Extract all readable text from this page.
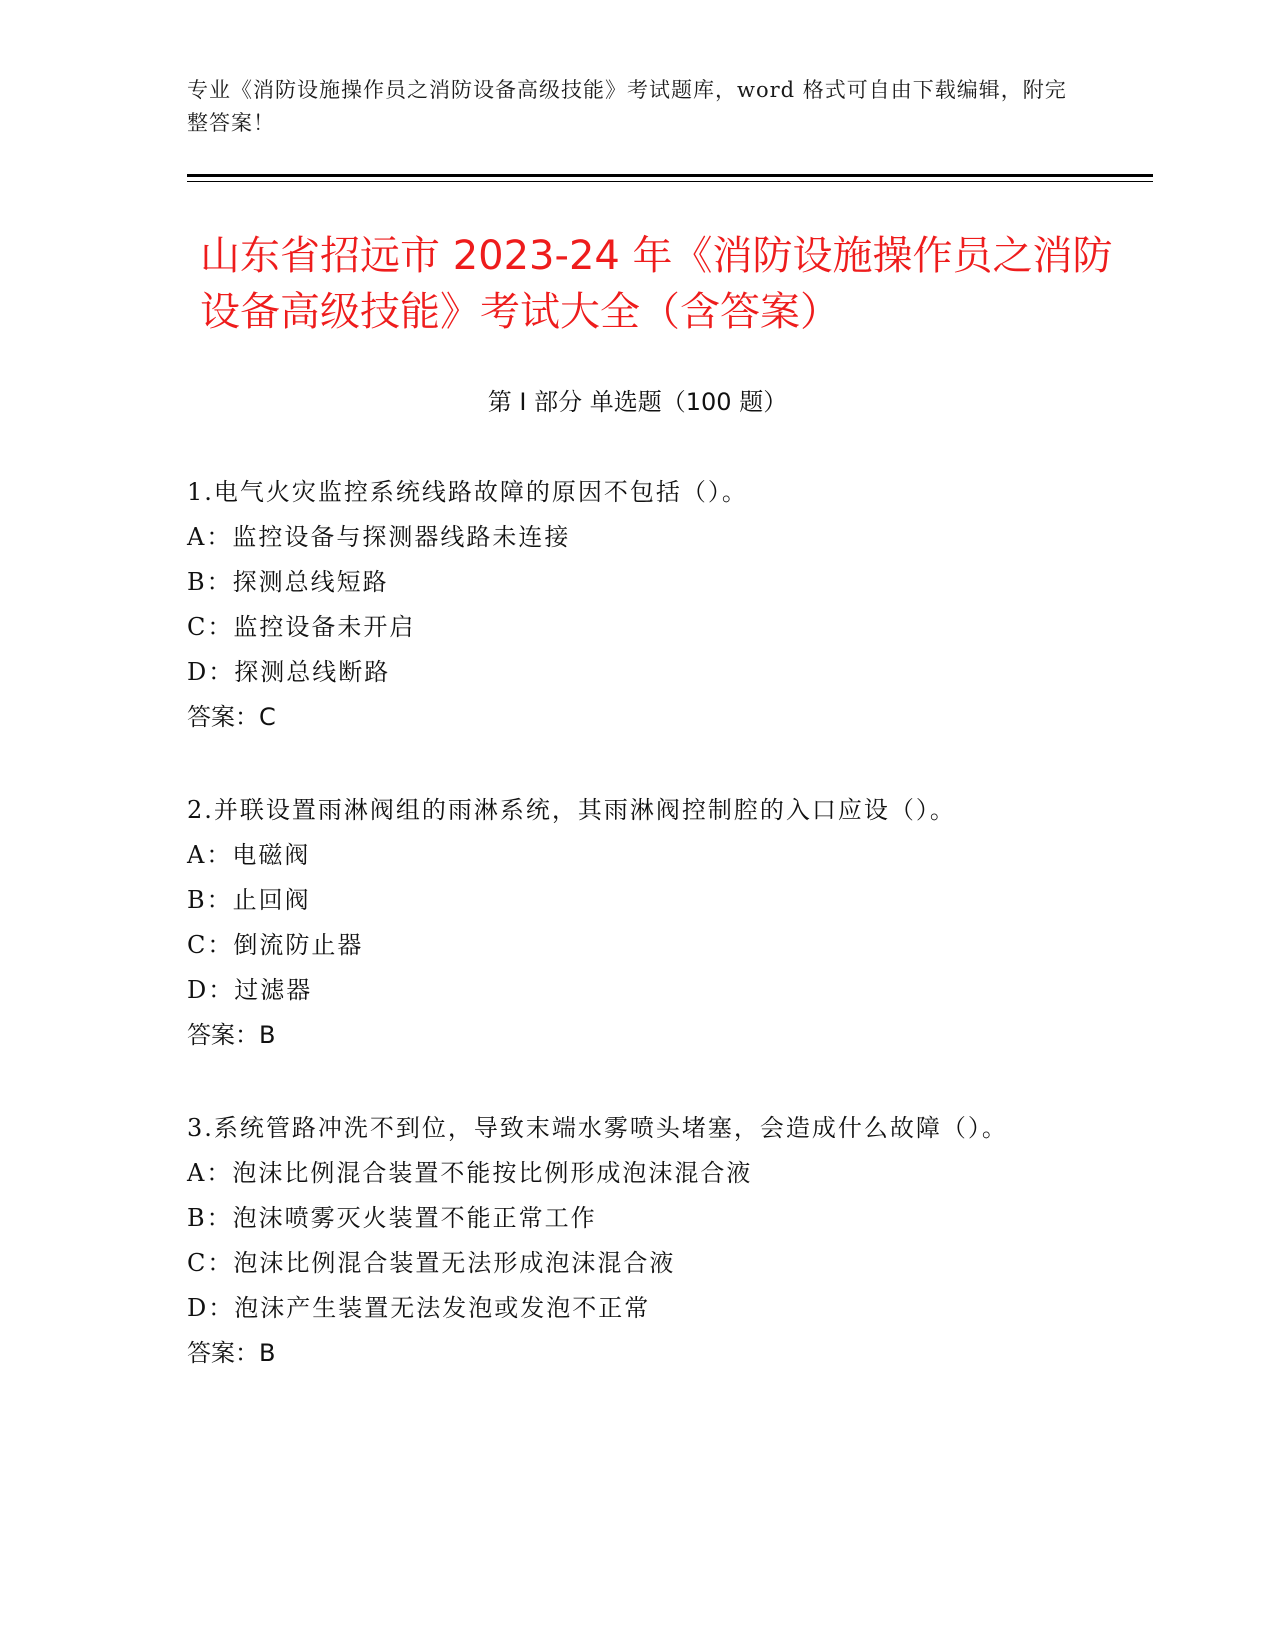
专业《消防设施操作员之消防设备高级技能》考试题库，word 格式可自由下载编辑，附完整答案！
山东省招远市 2023-24 年《消防设施操作员之消防设备高级技能》考试大全（含答案）
第 I 部分 单选题（100 题）
1.电气火灾监控系统线路故障的原因不包括（）。
A：监控设备与探测器线路未连接
B：探测总线短路
C：监控设备未开启
D：探测总线断路
答案：C
2.并联设置雨淋阀组的雨淋系统，其雨淋阀控制腔的入口应设（）。
A：电磁阀
B：止回阀
C：倒流防止器
D：过滤器
答案：B
3.系统管路冲洗不到位，导致末端水雾喷头堵塞，会造成什么故障（）。
A：泡沫比例混合装置不能按比例形成泡沫混合液
B：泡沫喷雾灭火装置不能正常工作
C：泡沫比例混合装置无法形成泡沫混合液
D：泡沫产生装置无法发泡或发泡不正常
答案：B
